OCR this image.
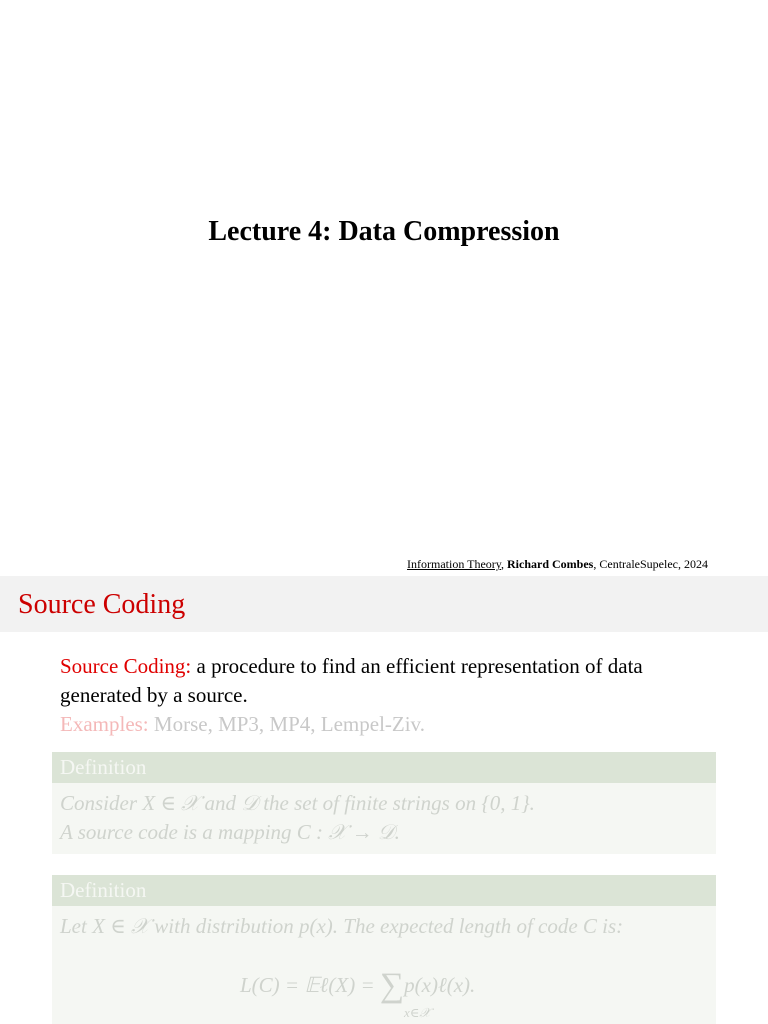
Lecture 4: Data Compression
Information Theory, Richard Combes, CentraleSupelec, 2024
Source Coding
Source Coding: a procedure to find an efficient representation of data generated by a source.
Examples: Morse, MP3, MP4, Lempel-Ziv.
Definition
Consider X ∈ 𝒳 and 𝒟 the set of finite strings on {0, 1}.
A source code is a mapping C : 𝒳 → 𝒟.
Definition
Let X ∈ 𝒳 with distribution p(x). The expected length of code C is:
L(C) = 𝔼ℓ(X) = ∑p(x)ℓ(x).
x∈𝒳
